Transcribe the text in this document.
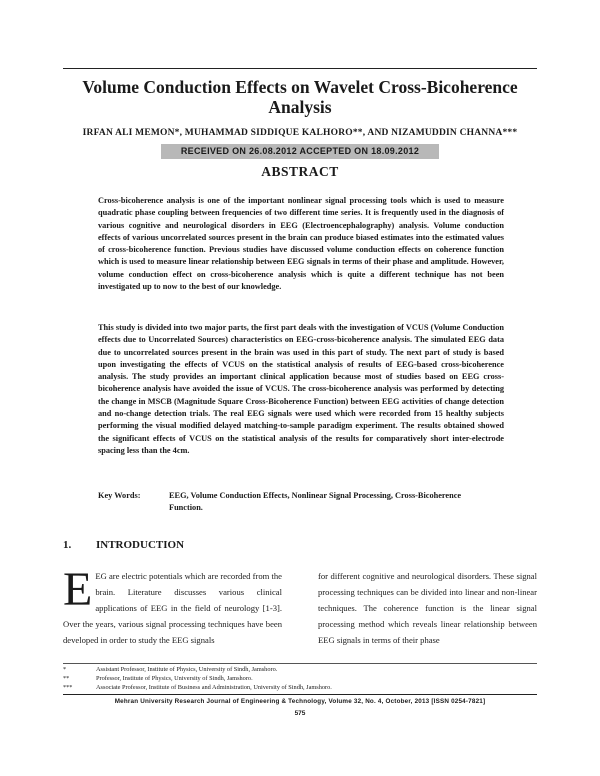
Volume Conduction Effects on Wavelet Cross-Bicoherence Analysis
IRFAN ALI MEMON*, MUHAMMAD SIDDIQUE KALHORO**, AND NIZAMUDDIN CHANNA***
RECEIVED ON 26.08.2012 ACCEPTED ON 18.09.2012
ABSTRACT
Cross-bicoherence analysis is one of the important nonlinear signal processing tools which is used to measure quadratic phase coupling between frequencies of two different time series. It is frequently used in the diagnosis of various cognitive and neurological disorders in EEG (Electroencephalography) analysis. Volume conduction effects of various uncorrelated sources present in the brain can produce biased estimates into the estimated values of cross-bicoherence function. Previous studies have discussed volume conduction effects on coherence function which is used to measure linear relationship between EEG signals in terms of their phase and amplitude. However, volume conduction effect on cross-bicoherence analysis which is quite a different technique has not been investigated up to now to the best of our knowledge.
This study is divided into two major parts, the first part deals with the investigation of VCUS (Volume Conduction effects due to Uncorrelated Sources) characteristics on EEG-cross-bicoherence analysis. The simulated EEG data due to uncorrelated sources present in the brain was used in this part of study. The next part of study is based upon investigating the effects of VCUS on the statistical analysis of results of EEG-based cross-bicoherence analysis. The study provides an important clinical application because most of studies based on EEG cross-bicoherence analysis have avoided the issue of VCUS. The cross-bicoherence analysis was performed by detecting the change in MSCB (Magnitude Square Cross-Bicoherence Function) between EEG activities of change detection and no-change detection trials. The real EEG signals were used which were recorded from 15 healthy subjects performing the visual modified delayed matching-to-sample paradigm experiment. The results obtained showed the significant effects of VCUS on the statistical analysis of the results for comparatively short inter-electrode spacing less than the 4cm.
Key Words:	EEG, Volume Conduction Effects, Nonlinear Signal Processing, Cross-Bicoherence Function.
1. INTRODUCTION
EEG are electric potentials which are recorded from the brain. Literature discusses various clinical applications of EEG in the field of neurology [1-3]. Over the years, various signal processing techniques have been developed in order to study the EEG signals
for different cognitive and neurological disorders. These signal processing techniques can be divided into linear and non-linear techniques. The coherence function is the linear signal processing method which reveals linear relationship between EEG signals in terms of their phase
*	Assistant Professor, Institute of Physics, University of Sindh, Jamshoro.
**	Professor, Institute of Physics, University of Sindh, Jamshoro.
***	Associate Professor, Institute of Business and Administration, University of Sindh, Jamshoro.
Mehran University Research Journal of Engineering & Technology, Volume 32, No. 4, October, 2013 [ISSN 0254-7821]
575
